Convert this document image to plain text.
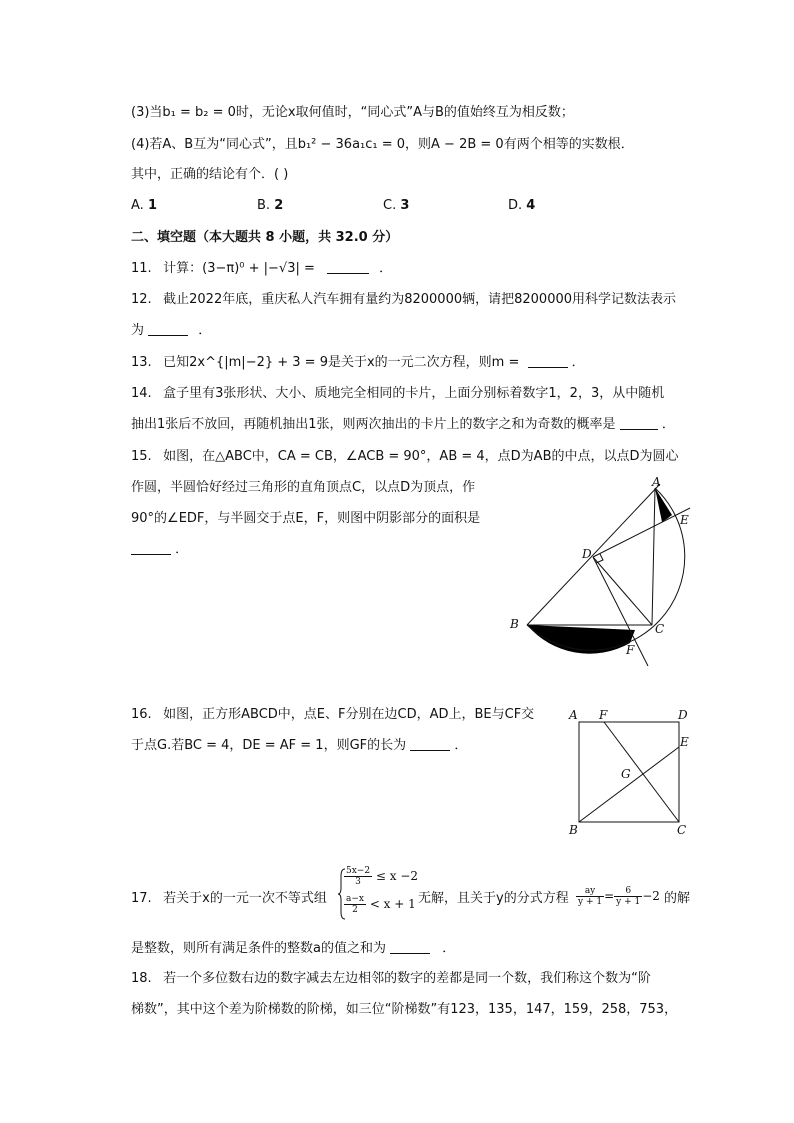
(3)当b₁ = b₂ = 0时，无论x取何值时，“同心式”A与B的值始终互为相反数；
(4)若A、B互为“同心式”，且b₁² − 36a₁c₁ = 0，则A − 2B = 0有两个相等的实数根．
其中，正确的结论有个．( )
A. 1	B. 2	C. 3	D. 4
二、填空题（本大题共 8 小题，共 32.0 分）
11. 计算：(3−π)⁰ + |−√3| =	．
12. 截止2022年底，重庆私人汽车拥有量约为8200000辆，请把8200000用科学记数法表示
为	．
13. 已知2x^{|m|−2} + 3 = 9是关于x的一元二次方程，则m =	．
14. 盒子里有3张形状、大小、质地完全相同的卡片，上面分别标着数字1，2，3，从中随机
抽出1张后不放回，再随机抽出1张，则两次抽出的卡片上的数字之和为奇数的概率是	．
15. 如图，在△ABC中，CA = CB，∠ACB = 90°，AB = 4，点D为AB的中点，以点D为圆心
作圆，半圆恰好经过三角形的直角顶点C，以点D为顶点，作
90°的∠EDF，与半圆交于点E，F，则图中阴影部分的面积是
．
A
E
D
B	C
F
16. 如图，正方形ABCD中，点E、F分别在边CD，AD上，BE与CF交
于点G.若BC = 4，DE = AF = 1，则GF的长为	．
A F	D
E
G
B	C
17. 若关于x的一元一次不等式组
$\frac{5x-2}{3} \le x -2$
$\frac{a-x}{2} < x + 1$ 无解，且关于y的分式方程 $\frac{ay}{y + 1} = \frac{6}{y + 1} -2$ 的解
是整数，则所有满足条件的整数a的值之和为	．
18. 若一个多位数右边的数字减去左边相邻的数字的差都是同一个数，我们称这个数为“阶
梯数”，其中这个差为阶梯数的阶梯，如三位“阶梯数”有123，135，147，159，258，753，
